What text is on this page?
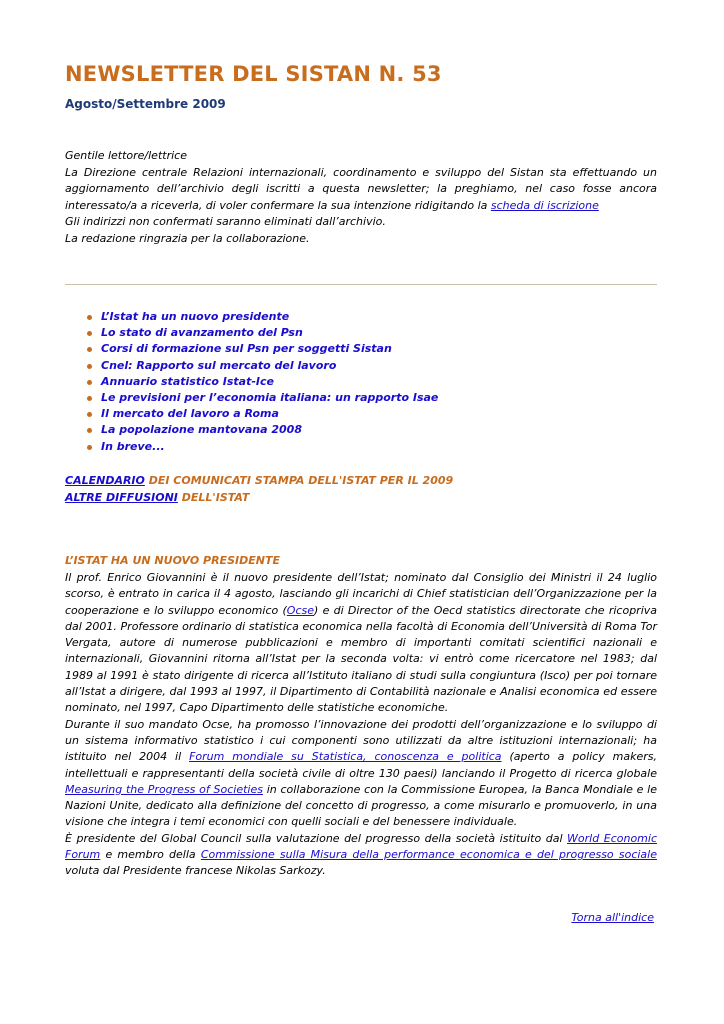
NEWSLETTER DEL SISTAN N. 53
Agosto/Settembre 2009

Gentile lettore/lettrice

La Direzione centrale Relazioni internazionali, coordinamento e sviluppo del Sistan sta effettuando un aggiornamento dell’archivio degli iscritti a questa newsletter; la preghiamo, nel caso fosse ancora interessato/a a riceverla, di voler confermare la sua intenzione ridigitando la scheda di iscrizione

Gli indirizzi non confermati saranno eliminati dall’archivio.

La redazione ringrazia per la collaborazione.

L’Istat ha un nuovo presidente
Lo stato di avanzamento del Psn
Corsi di formazione sul Psn per soggetti Sistan
Cnel: Rapporto sul mercato del lavoro
Annuario statistico Istat-Ice
Le previsioni per l’economia italiana: un rapporto Isae
Il mercato del lavoro a Roma
La popolazione mantovana 2008
In breve...
CALENDARIO DEI COMUNICATI STAMPA DELL'ISTAT PER IL 2009
ALTRE DIFFUSIONI DELL'ISTAT
L’ISTAT HA UN NUOVO PRESIDENTE

Il prof. Enrico Giovannini è il nuovo presidente dell’Istat; nominato dal Consiglio dei Ministri il 24 luglio scorso, è entrato in carica il 4 agosto, lasciando gli incarichi di Chief statistician dell’Organizzazione per la cooperazione e lo sviluppo economico (Ocse) e di Director of the Oecd statistics directorate che ricopriva dal 2001. Professore ordinario di statistica economica nella facoltà di Economia dell’Università di Roma Tor Vergata, autore di numerose pubblicazioni e membro di importanti comitati scientifici nazionali e internazionali, Giovannini ritorna all’Istat per la seconda volta: vi entrò come ricercatore nel 1983; dal 1989 al 1991 è stato dirigente di ricerca all’Istituto italiano di studi sulla congiuntura (Isco) per poi tornare all’Istat a dirigere, dal 1993 al 1997, il Dipartimento di Contabilità nazionale e Analisi economica ed essere nominato, nel 1997, Capo Dipartimento delle statistiche economiche.

Durante il suo mandato Ocse, ha promosso l’innovazione dei prodotti dell’organizzazione e lo sviluppo di un sistema informativo statistico i cui componenti sono utilizzati da altre istituzioni internazionali; ha istituito nel 2004 il Forum mondiale su Statistica, conoscenza e politica (aperto a policy makers, intellettuali e rappresentanti della società civile di oltre 130 paesi) lanciando il Progetto di ricerca globale Measuring the Progress of Societies in collaborazione con la Commissione Europea, la Banca Mondiale e le Nazioni Unite, dedicato alla definizione del concetto di progresso, a come misurarlo e promuoverlo, in una visione che integra i temi economici con quelli sociali e del benessere individuale.

È presidente del Global Council sulla valutazione del progresso della società istituito dal World Economic Forum e membro della Commissione sulla Misura della performance economica e del progresso sociale voluta dal Presidente francese Nikolas Sarkozy.

Torna all'indice
